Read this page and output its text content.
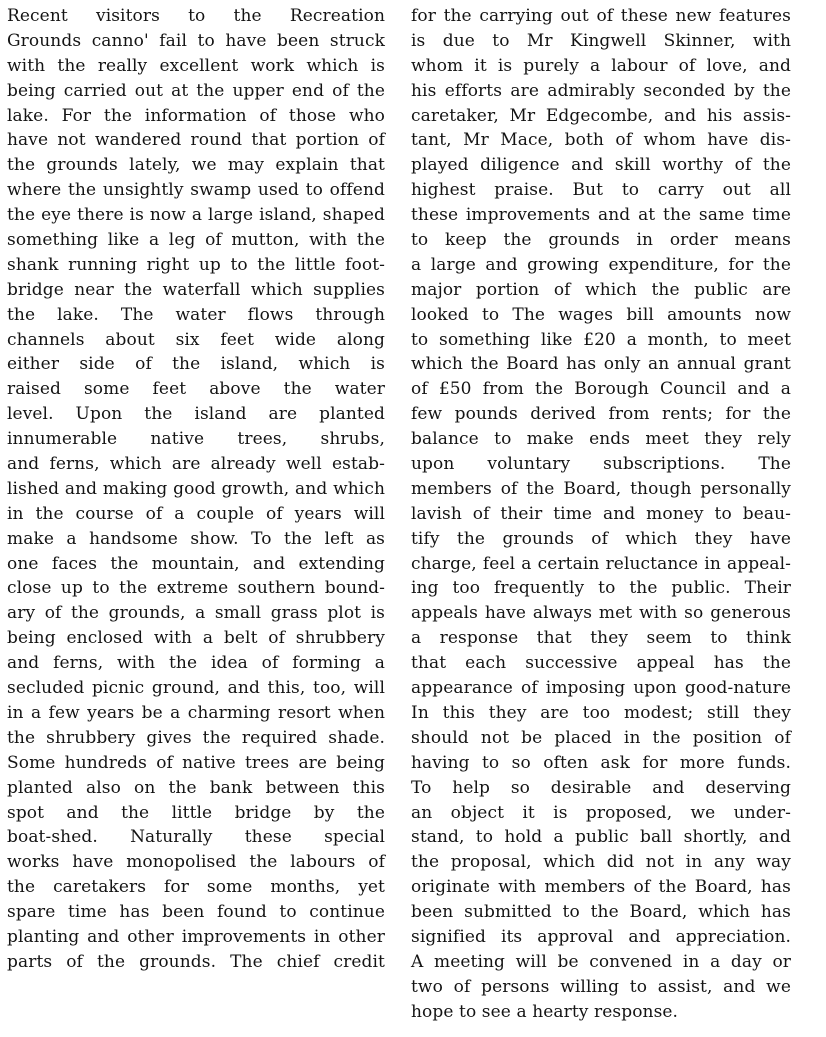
Recent visitors to the Recreation
Grounds canno' fail to have been struck
with the really excellent work which is
being carried out at the upper end of the
lake. For the information of those who
have not wandered round that portion of
the grounds lately, we may explain that
where the unsightly swamp used to offend
the eye there is now a large island, shaped
something like a leg of mutton, with the
shank running right up to the little foot-
bridge near the waterfall which supplies
the lake. The water flows through
channels about six feet wide along
either side of the island, which is
raised some feet above the water
level. Upon the island are planted
innumerable native trees, shrubs,
and ferns, which are already well estab-
lished and making good growth, and which
in the course of a couple of years will
make a handsome show. To the left as
one faces the mountain, and extending
close up to the extreme southern bound-
ary of the grounds, a small grass plot is
being enclosed with a belt of shrubbery
and ferns, with the idea of forming a
secluded picnic ground, and this, too, will
in a few years be a charming resort when
the shrubbery gives the required shade.
Some hundreds of native trees are being
planted also on the bank between this
spot and the little bridge by the
boat-shed. Naturally these special
works have monopolised the labours of
the caretakers for some months, yet
spare time has been found to continue
planting and other improvements in other
parts of the grounds. The chief credit
for the carrying out of these new features
is due to Mr Kingwell Skinner, with
whom it is purely a labour of love, and
his efforts are admirably seconded by the
caretaker, Mr Edgecombe, and his assis-
tant, Mr Mace, both of whom have dis-
played diligence and skill worthy of the
highest praise. But to carry out all
these improvements and at the same time
to keep the grounds in order means
a large and growing expenditure, for the
major portion of which the public are
looked to The wages bill amounts now
to something like £20 a month, to meet
which the Board has only an annual grant
of £50 from the Borough Council and a
few pounds derived from rents; for the
balance to make ends meet they rely
upon voluntary subscriptions. The
members of the Board, though personally
lavish of their time and money to beau-
tify the grounds of which they have
charge, feel a certain reluctance in appeal-
ing too frequently to the public. Their
appeals have always met with so generous
a response that they seem to think
that each successive appeal has the
appearance of imposing upon good-nature
In this they are too modest; still they
should not be placed in the position of
having to so often ask for more funds.
To help so desirable and deserving
an object it is proposed, we under-
stand, to hold a public ball shortly, and
the proposal, which did not in any way
originate with members of the Board, has
been submitted to the Board, which has
signified its approval and appreciation.
A meeting will be convened in a day or
two of persons willing to assist, and we
hope to see a hearty response.
